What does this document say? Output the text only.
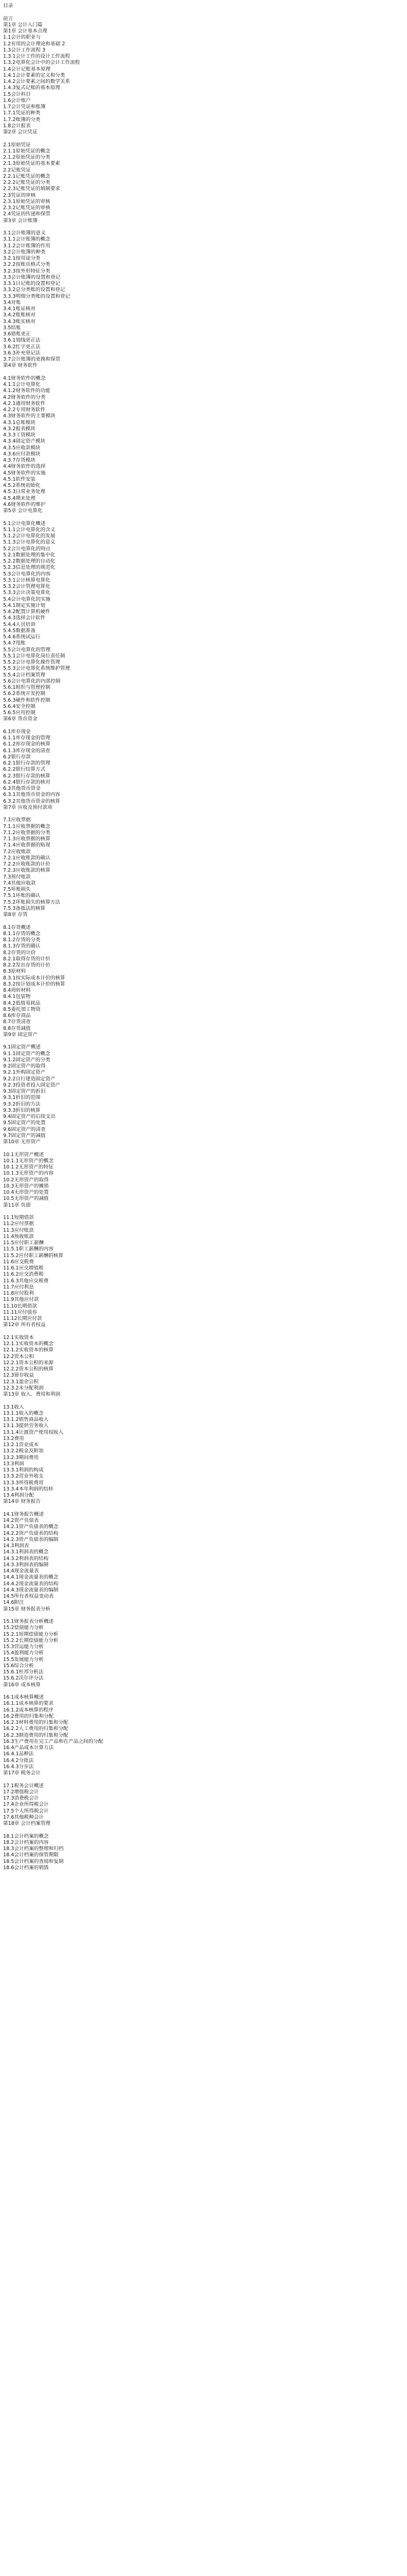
目录
前言
第1章 会计入门篇
第1章 会计基本点理
1.1会计的职业与
1.2有用的会计理论和基础 2
1.3会计工作流程 3
1.3.1会计工作的设计工作流程
1.3.2电算化会计中的会计工作流程
1.4会计记账基本原理
1.4.1会计要素的定义和分类
1.4.2会计要素之间的数学关系
1.4.3复式记账的基本原理
1.5会计科目
1.6会计账户
1.7会计凭证和账簿
1.7.1凭证的种类
1.7.2账簿的分类
1.8会计报表
第2章 会计凭证
2.1原始凭证
2.1.1原始凭证的概念
2.1.2原始凭证的分类
2.1.3原始凭证的基本要素
2.2记账凭证
2.2.1记账凭证的概念
2.2.2记账凭证的分类
2.2.3记账凭证的填制要求
2.3凭证的审核
2.3.1原始凭证的审核
2.3.2记账凭证的审核
2.4凭证的传递和保管
第3章 会计账簿
3.1会计账簿的意义
3.1.1会计账簿的概念
3.1.2会计账簿的作用
3.2会计账簿的种类
3.2.1按用途分类
3.2.2按账页格式分类
3.2.3按外形特征分类
3.3会计账簿的设置和登记
3.3.1日记账的设置和登记
3.3.2总分类账的设置和登记
3.3.3明细分类账的设置和登记
3.4对账
3.4.1账证核对
3.4.2账账核对
3.4.3账实核对
3.5结账
3.6错账更正
3.6.1划线更正法
3.6.2红字更正法
3.6.3补充登记法
3.7会计账簿的更换和保管
第4章 财务软件
4.1财务软件的概念
4.1.1会计电算化
4.1.2财务软件的功能
4.2财务软件的分类
4.2.1通用财务软件
4.2.2专用财务软件
4.3财务软件的主要模块
4.3.1总账模块
4.3.2报表模块
4.3.3工资模块
4.3.4固定资产模块
4.3.5应收款模块
4.3.6应付款模块
4.3.7存货模块
4.4财务软件的选择
4.5财务软件的实施
4.5.1软件安装
4.5.2系统初始化
4.5.3日常业务处理
4.5.4期末处理
4.6财务软件的维护
第5章 会计电算化
5.1会计电算化概述
5.1.1会计电算化的含义
5.1.2会计电算化的发展
5.1.3会计电算化的意义
5.2会计电算化的特点
5.2.1数据处理的集中化
5.2.2数据处理的自动化
5.2.3信息处理的规范化
5.3会计电算化的内容
5.3.1会计核算电算化
5.3.2会计管理电算化
5.3.3会计决策电算化
5.4会计电算化的实施
5.4.1制定实施计划
5.4.2配置计算机硬件
5.4.3选择会计软件
5.4.4人员培训
5.4.5数据准备
5.4.6系统试运行
5.4.7甩账
5.5会计电算化的管理
5.5.1会计电算化岗位责任制
5.5.2会计电算化操作管理
5.5.3会计电算化系统维护管理
5.5.4会计档案管理
5.6会计电算化的内部控制
5.6.1组织与管理控制
5.6.2系统开发控制
5.6.3硬件和软件控制
5.6.4安全控制
5.6.5应用控制
第6章 货币资金
6.1库存现金
6.1.1库存现金的管理
6.1.2库存现金的核算
6.1.3库存现金的清查
6.2银行存款
6.2.1银行存款的管理
6.2.2银行结算方式
6.2.3银行存款的核算
6.2.4银行存款的核对
6.3其他货币资金
6.3.1其他货币资金的内容
6.3.2其他货币资金的核算
第7章 应收及预付款项
7.1应收票据
7.1.1应收票据的概念
7.1.2应收票据的分类
7.1.3应收票据的核算
7.1.4应收票据的贴现
7.2应收账款
7.2.1应收账款的确认
7.2.2应收账款的计价
7.2.3应收账款的核算
7.3预付账款
7.4其他应收款
7.5坏账损失
7.5.1坏账的确认
7.5.2坏账损失的核算方法
7.5.3备抵法的核算
第8章 存货
8.1存货概述
8.1.1存货的概念
8.1.2存货的分类
8.1.3存货的确认
8.2存货的计价
8.2.1取得存货的计价
8.2.2发出存货的计价
8.3原材料
8.3.1按实际成本计价的核算
8.3.2按计划成本计价的核算
8.4周转材料
8.4.1包装物
8.4.2低值易耗品
8.5委托加工物资
8.6库存商品
8.7存货清查
8.8存货减值
第9章 固定资产
9.1固定资产概述
9.1.1固定资产的概念
9.1.2固定资产的分类
9.2固定资产的取得
9.2.1外购固定资产
9.2.2自行建造固定资产
9.2.3投资者投入固定资产
9.3固定资产的折旧
9.3.1折旧的范围
9.3.2折旧的方法
9.3.3折旧的核算
9.4固定资产的后续支出
9.5固定资产的处置
9.6固定资产的清查
9.7固定资产的减值
第10章 无形资产
10.1无形资产概述
10.1.1无形资产的概念
10.1.2无形资产的特征
10.1.3无形资产的内容
10.2无形资产的取得
10.3无形资产的摊销
10.4无形资产的处置
10.5无形资产的减值
第11章 负债
11.1短期借款
11.2应付票据
11.3应付账款
11.4预收账款
11.5应付职工薪酬
11.5.1职工薪酬的内容
11.5.2应付职工薪酬的核算
11.6应交税费
11.6.1应交增值税
11.6.2应交消费税
11.6.3其他应交税费
11.7应付利息
11.8应付股利
11.9其他应付款
11.10长期借款
11.11应付债券
11.12长期应付款
第12章 所有者权益
12.1实收资本
12.1.1实收资本的概念
12.1.2实收资本的核算
12.2资本公积
12.2.1资本公积的来源
12.2.2资本公积的核算
12.3留存收益
12.3.1盈余公积
12.3.2未分配利润
第13章 收入、费用和利润
13.1收入
13.1.1收入的概念
13.1.2销售商品收入
13.1.3提供劳务收入
13.1.4让渡资产使用权收入
13.2费用
13.2.1营业成本
13.2.2税金及附加
13.2.3期间费用
13.3利润
13.3.1利润的构成
13.3.2营业外收支
13.3.3所得税费用
13.3.4本年利润的结转
13.4利润分配
第14章 财务报告
14.1财务报告概述
14.2资产负债表
14.2.1资产负债表的概念
14.2.2资产负债表的结构
14.2.3资产负债表的编制
14.3利润表
14.3.1利润表的概念
14.3.2利润表的结构
14.3.3利润表的编制
14.4现金流量表
14.4.1现金流量表的概念
14.4.2现金流量表的结构
14.4.3现金流量表的编制
14.5所有者权益变动表
14.6附注
第15章 财务报表分析
15.1财务报表分析概述
15.2偿债能力分析
15.2.1短期偿债能力分析
15.2.2长期偿债能力分析
15.3营运能力分析
15.4盈利能力分析
15.5发展能力分析
15.6综合分析
15.6.1杜邦分析法
15.6.2沃尔评分法
第16章 成本核算
16.1成本核算概述
16.1.1成本核算的要求
16.1.2成本核算的程序
16.2费用的归集和分配
16.2.1材料费用的归集和分配
16.2.2人工费用的归集和分配
16.2.3制造费用的归集和分配
16.3生产费用在完工产品和在产品之间的分配
16.4产品成本计算方法
16.4.1品种法
16.4.2分批法
16.4.3分步法
第17章 税务会计
17.1税务会计概述
17.2增值税会计
17.3消费税会计
17.4企业所得税会计
17.5个人所得税会计
17.6其他税种会计
第18章 会计档案管理
18.1会计档案的概念
18.2会计档案的内容
18.3会计档案的整理和归档
18.4会计档案的保管期限
18.5会计档案的查阅和复制
18.6会计档案的销毁
